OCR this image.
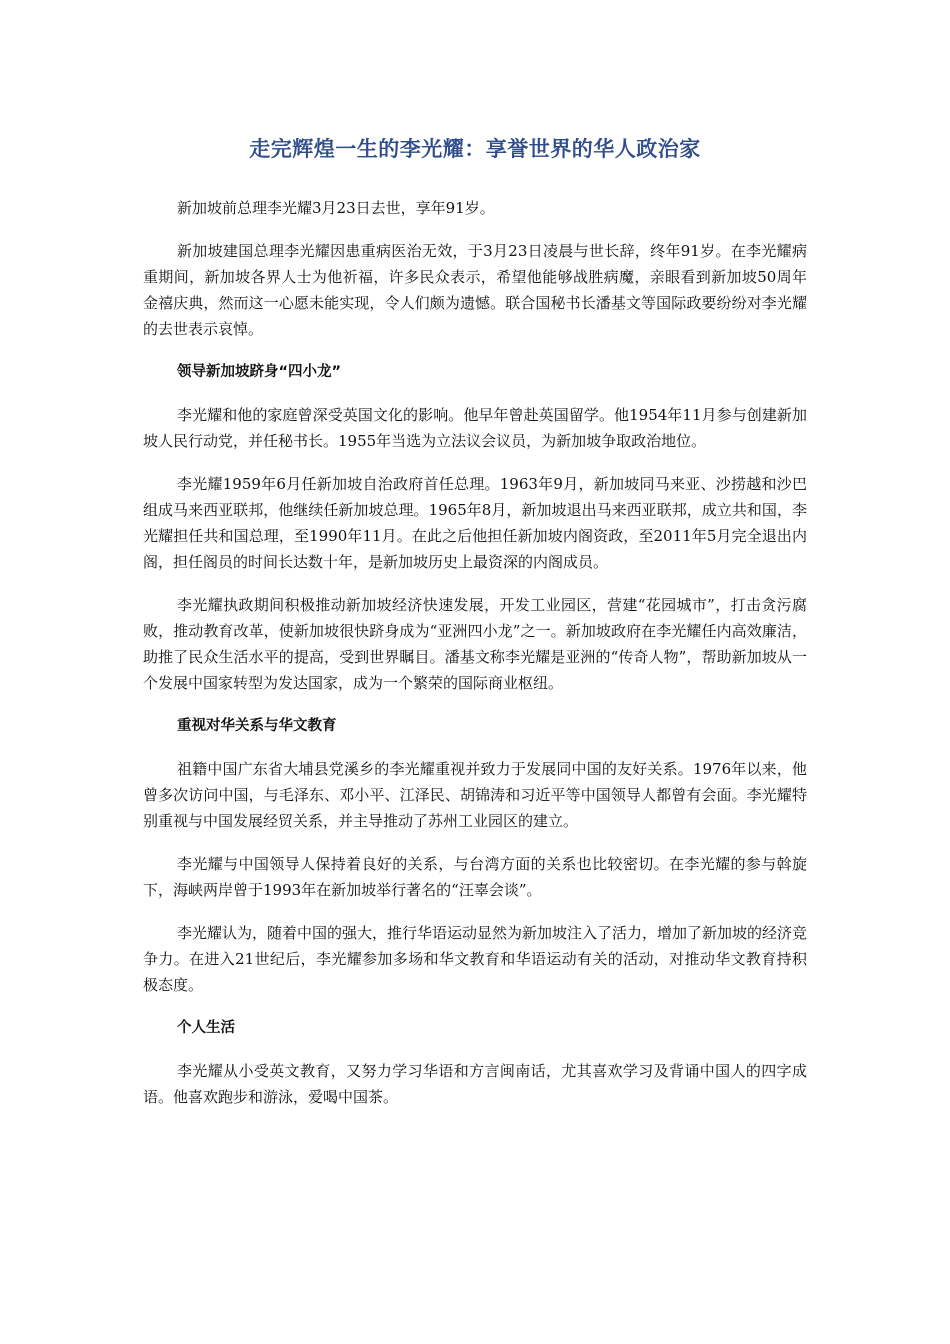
走完辉煌一生的李光耀：享誉世界的华人政治家

新加坡前总理李光耀3月23日去世，享年91岁。

新加坡建国总理李光耀因患重病医治无效，于3月23日凌晨与世长辞，终年91岁。在李光耀病重期间，新加坡各界人士为他祈福，许多民众表示，希望他能够战胜病魔，亲眼看到新加坡50周年金禧庆典，然而这一心愿未能实现，令人们颇为遗憾。联合国秘书长潘基文等国际政要纷纷对李光耀的去世表示哀悼。

领导新加坡跻身“四小龙”

李光耀和他的家庭曾深受英国文化的影响。他早年曾赴英国留学。他1954年11月参与创建新加坡人民行动党，并任秘书长。1955年当选为立法议会议员，为新加坡争取政治地位。

李光耀1959年6月任新加坡自治政府首任总理。1963年9月，新加坡同马来亚、沙捞越和沙巴组成马来西亚联邦，他继续任新加坡总理。1965年8月，新加坡退出马来西亚联邦，成立共和国，李光耀担任共和国总理，至1990年11月。在此之后他担任新加坡内阁资政，至2011年5月完全退出内阁，担任阁员的时间长达数十年，是新加坡历史上最资深的内阁成员。

李光耀执政期间积极推动新加坡经济快速发展，开发工业园区，营建“花园城市”，打击贪污腐败，推动教育改革，使新加坡很快跻身成为“亚洲四小龙”之一。新加坡政府在李光耀任内高效廉洁，助推了民众生活水平的提高，受到世界瞩目。潘基文称李光耀是亚洲的“传奇人物”，帮助新加坡从一个发展中国家转型为发达国家，成为一个繁荣的国际商业枢纽。

重视对华关系与华文教育

祖籍中国广东省大埔县党溪乡的李光耀重视并致力于发展同中国的友好关系。1976年以来，他曾多次访问中国，与毛泽东、邓小平、江泽民、胡锦涛和习近平等中国领导人都曾有会面。李光耀特别重视与中国发展经贸关系，并主导推动了苏州工业园区的建立。

李光耀与中国领导人保持着良好的关系，与台湾方面的关系也比较密切。在李光耀的参与斡旋下，海峡两岸曾于1993年在新加坡举行著名的“汪辜会谈”。

李光耀认为，随着中国的强大，推行华语运动显然为新加坡注入了活力，增加了新加坡的经济竞争力。在进入21世纪后，李光耀参加多场和华文教育和华语运动有关的活动，对推动华文教育持积极态度。

个人生活

李光耀从小受英文教育，又努力学习华语和方言闽南话，尤其喜欢学习及背诵中国人的四字成语。他喜欢跑步和游泳，爱喝中国茶。
